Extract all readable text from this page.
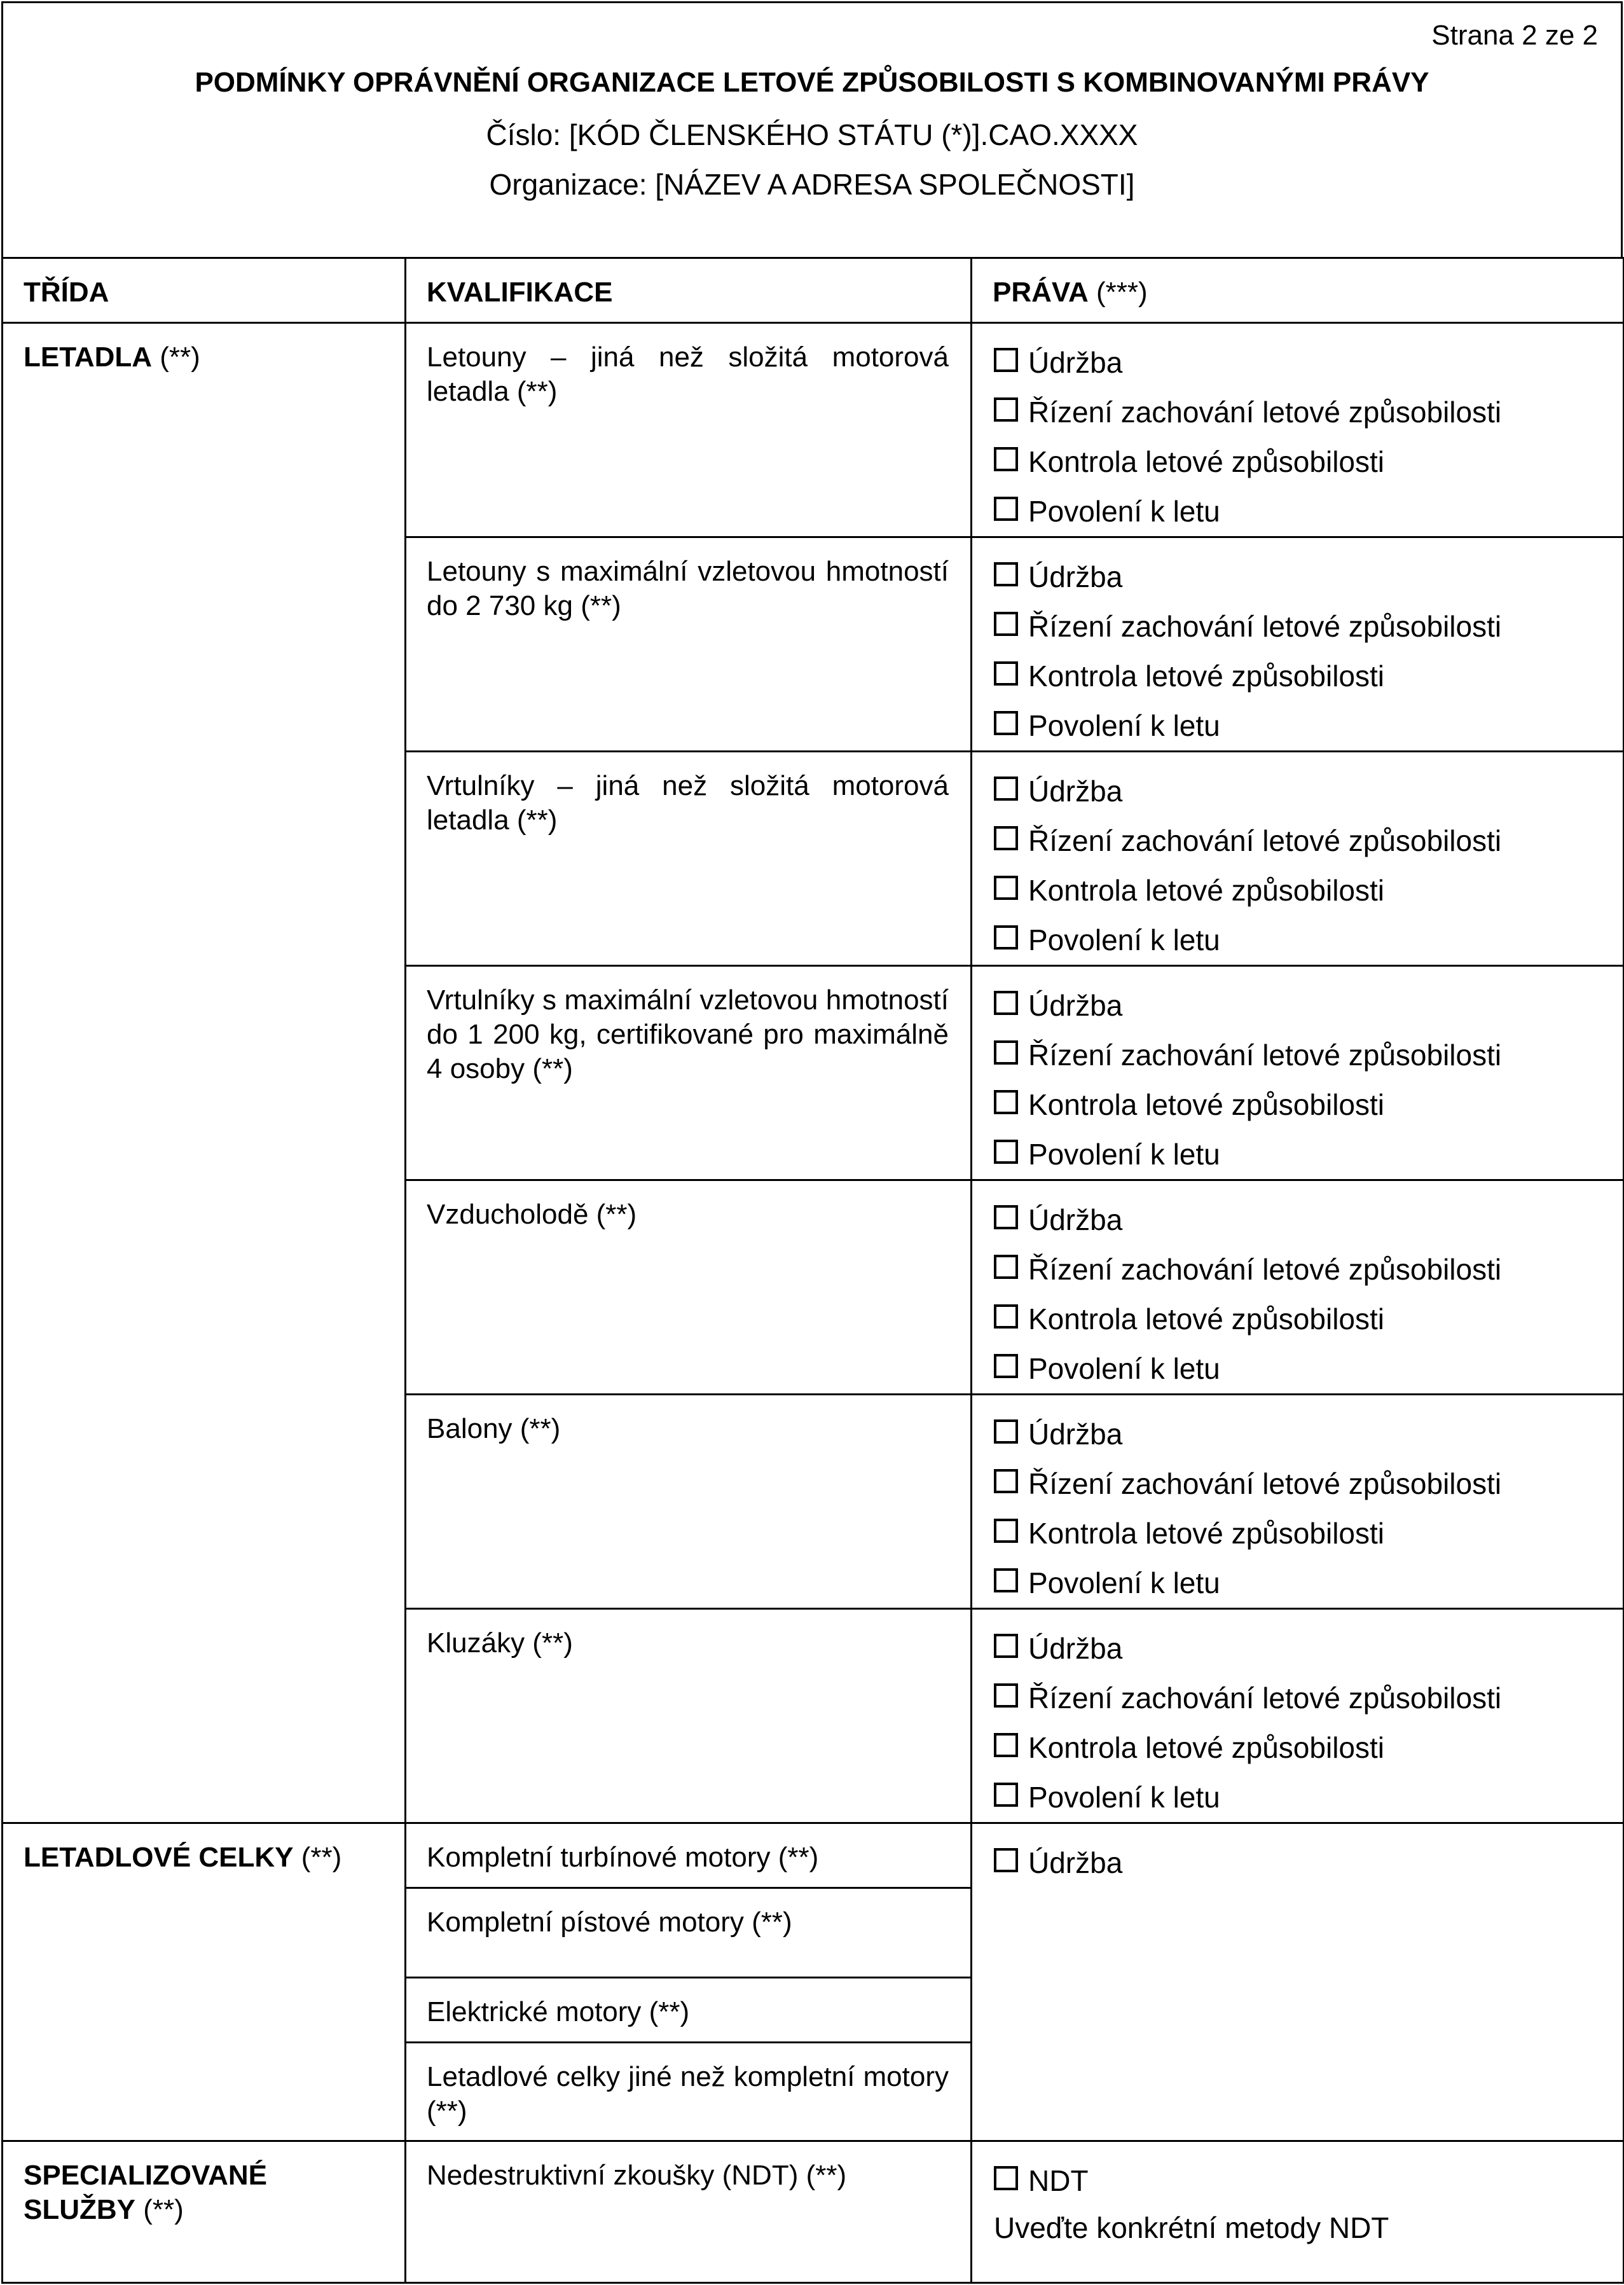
Strana 2 ze 2
PODMÍNKY OPRÁVNĚNÍ ORGANIZACE LETOVÉ ZPŮSOBILOSTI S KOMBINOVANÝMI PRÁVY
Číslo: [KÓD ČLENSKÉHO STÁTU (*)].CAO.XXXX
Organizace: [NÁZEV A ADRESA SPOLEČNOSTI]
TŘÍDA	KVALIFIKACE	PRÁVA (***)

LETADLA (**)	Letouny – jiná než složitá motorová letadla (**)	Údržba
Řízení zachování letové způsobilosti
Kontrola letové způsobilosti
Povolení k letu

	Letouny s maximální vzletovou hmotností do 2 730 kg (**)	Údržba
Řízení zachování letové způsobilosti
Kontrola letové způsobilosti
Povolení k letu

	Vrtulníky – jiná než složitá motorová letadla (**)	Údržba
Řízení zachování letové způsobilosti
Kontrola letové způsobilosti
Povolení k letu

	Vrtulníky s maximální vzletovou hmotností do 1 200 kg, certifikované pro maximálně 4 osoby (**)	Údržba
Řízení zachování letové způsobilosti
Kontrola letové způsobilosti
Povolení k letu

	Vzducholodě (**)	Údržba
Řízení zachování letové způsobilosti
Kontrola letové způsobilosti
Povolení k letu

	Balony (**)	Údržba
Řízení zachování letové způsobilosti
Kontrola letové způsobilosti
Povolení k letu

	Kluzáky (**)	Údržba
Řízení zachování letové způsobilosti
Kontrola letové způsobilosti
Povolení k letu

LETADLOVÉ CELKY (**)	Kompletní turbínové motory (**)	Údržba

	Kompletní pístové motory (**)	

	Elektrické motory (**)	

	Letadlové celky jiné než kompletní motory (**)	

SPECIALIZOVANÉ SLUŽBY (**)	Nedestruktivní zkoušky (NDT) (**)	NDT
Uveďte konkrétní metody NDT
